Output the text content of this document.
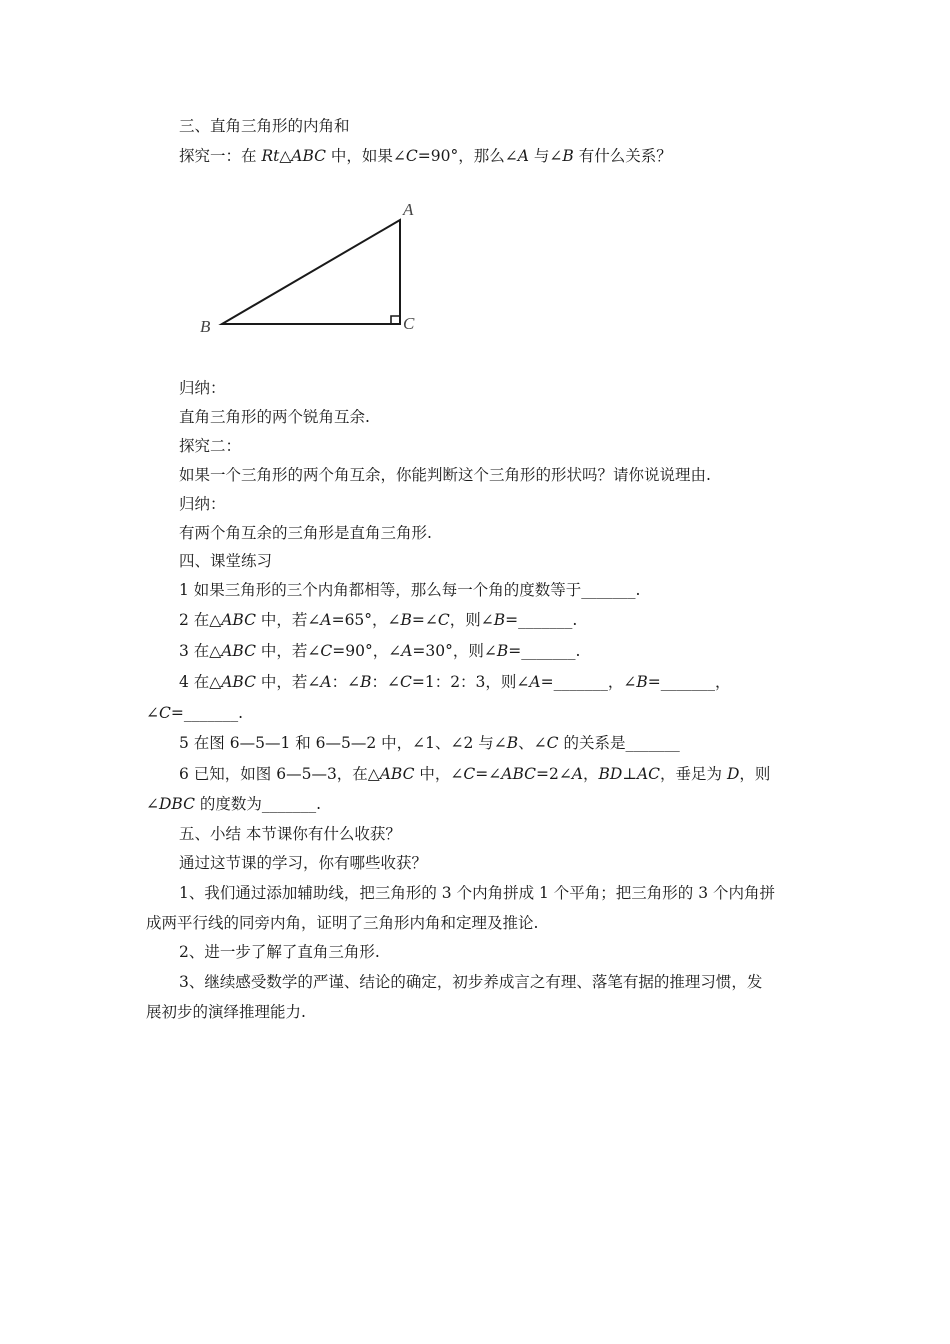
三、直角三角形的内角和
探究一：在 Rt△ABC 中，如果∠C=90°，那么∠A 与∠B 有什么关系？
A
B	C
归纳：
直角三角形的两个锐角互余.
探究二：
如果一个三角形的两个角互余，你能判断这个三角形的形状吗？请你说说理由.
归纳：
有两个角互余的三角形是直角三角形.
四、课堂练习
1 如果三角形的三个内角都相等，那么每一个角的度数等于_______.
2 在△ABC 中，若∠A=65°，∠B=∠C，则∠B=_______.
3 在△ABC 中，若∠C=90°，∠A=30°，则∠B=_______.
4 在△ABC 中，若∠A：∠B：∠C=1：2：3，则∠A=_______，∠B=_______，
∠C=_______.
5 在图 6—5—1 和 6—5—2 中，∠1、∠2 与∠B、∠C 的关系是_______
6 已知，如图 6—5—3，在△ABC 中，∠C=∠ABC=2∠A，BD⊥AC，垂足为 D，则
∠DBC 的度数为_______.
五、小结 本节课你有什么收获？
通过这节课的学习，你有哪些收获？
1、我们通过添加辅助线，把三角形的 3 个内角拼成 1 个平角；把三角形的 3 个内角拼
成两平行线的同旁内角，证明了三角形内角和定理及推论.
2、进一步了解了直角三角形.
3、继续感受数学的严谨、结论的确定，初步养成言之有理、落笔有据的推理习惯，发
展初步的演绎推理能力.
